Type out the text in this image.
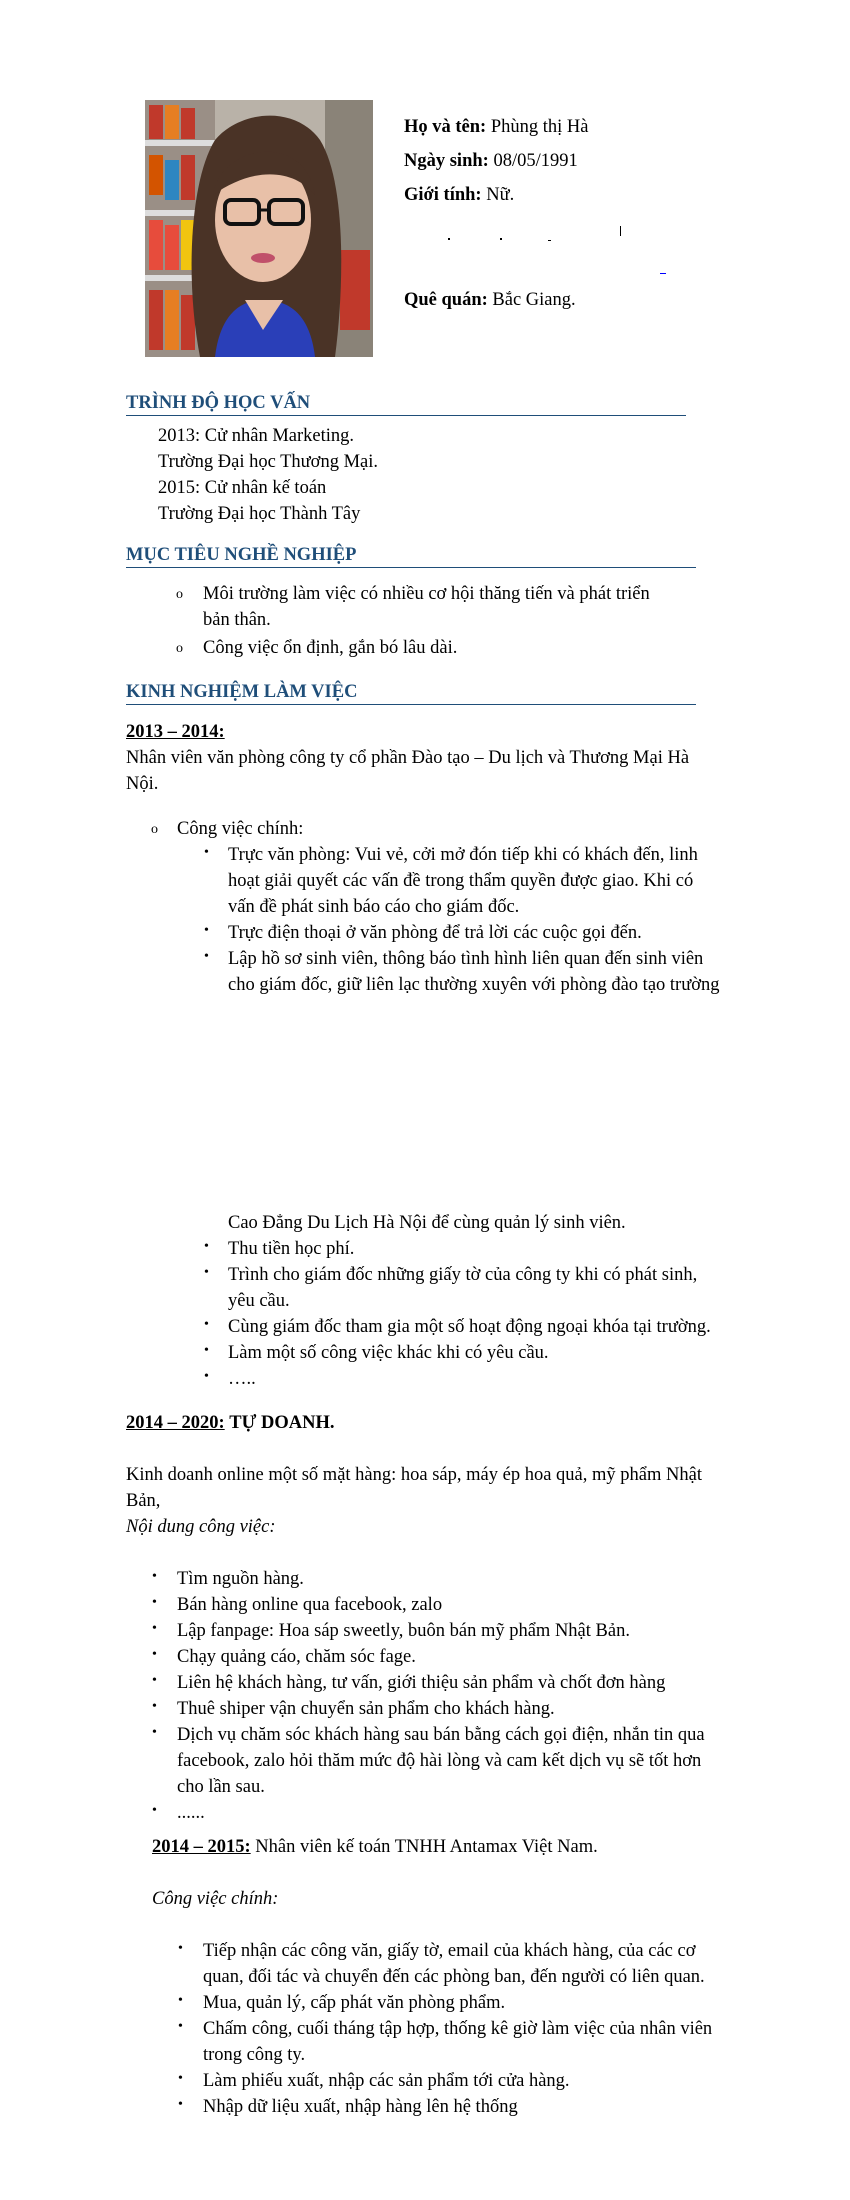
Họ và tên: Phùng thị Hà
Ngày sinh: 08/05/1991
Giới tính: Nữ.
Quê quán: Bắc Giang.
TRÌNH ĐỘ HỌC VẤN
2013: Cử nhân Marketing.
Trường Đại học Thương Mại.
2015: Cử nhân kế toán
Trường Đại học Thành Tây
MỤC TIÊU NGHỀ NGHIỆP
o Môi trường làm việc có nhiều cơ hội thăng tiến và phát triển
bản thân.
o Công việc ổn định, gắn bó lâu dài.
KINH NGHIỆM LÀM VIỆC
2013 – 2014:
Nhân viên văn phòng công ty cổ phần Đào tạo – Du lịch và Thương Mại Hà
Nội.
o Công việc chính:
• Trực văn phòng: Vui vẻ, cởi mở đón tiếp khi có khách đến, linh
hoạt giải quyết các vấn đề trong thẩm quyền được giao. Khi có
vấn đề phát sinh báo cáo cho giám đốc.
• Trực điện thoại ở văn phòng để trả lời các cuộc gọi đến.
• Lập hồ sơ sinh viên, thông báo tình hình liên quan đến sinh viên
cho giám đốc, giữ liên lạc thường xuyên với phòng đào tạo trường
Cao Đẳng Du Lịch Hà Nội để cùng quản lý sinh viên.
• Thu tiền học phí.
• Trình cho giám đốc những giấy tờ của công ty khi có phát sinh,
yêu cầu.
• Cùng giám đốc tham gia một số hoạt động ngoại khóa tại trường.
• Làm một số công việc khác khi có yêu cầu.
• …..
2014 – 2020: TỰ DOANH.
Kinh doanh online một số mặt hàng: hoa sáp, máy ép hoa quả, mỹ phẩm Nhật
Bản,
Nội dung công việc:
• Tìm nguồn hàng.
• Bán hàng online qua facebook, zalo
• Lập fanpage: Hoa sáp sweetly, buôn bán mỹ phẩm Nhật Bản.
• Chạy quảng cáo, chăm sóc fage.
• Liên hệ khách hàng, tư vấn, giới thiệu sản phẩm và chốt đơn hàng
• Thuê shiper vận chuyển sản phẩm cho khách hàng.
• Dịch vụ chăm sóc khách hàng sau bán bằng cách gọi điện, nhắn tin qua
facebook, zalo hỏi thăm mức độ hài lòng và cam kết dịch vụ sẽ tốt hơn
cho lần sau.
• ......
2014 – 2015: Nhân viên kế toán TNHH Antamax Việt Nam.
Công việc chính:
• Tiếp nhận các công văn, giấy tờ, email của khách hàng, của các cơ
quan, đối tác và chuyển đến các phòng ban, đến người có liên quan.
• Mua, quản lý, cấp phát văn phòng phẩm.
• Chấm công, cuối tháng tập hợp, thống kê giờ làm việc của nhân viên
trong công ty.
• Làm phiếu xuất, nhập các sản phẩm tới cửa hàng.
• Nhập dữ liệu xuất, nhập hàng lên hệ thống
